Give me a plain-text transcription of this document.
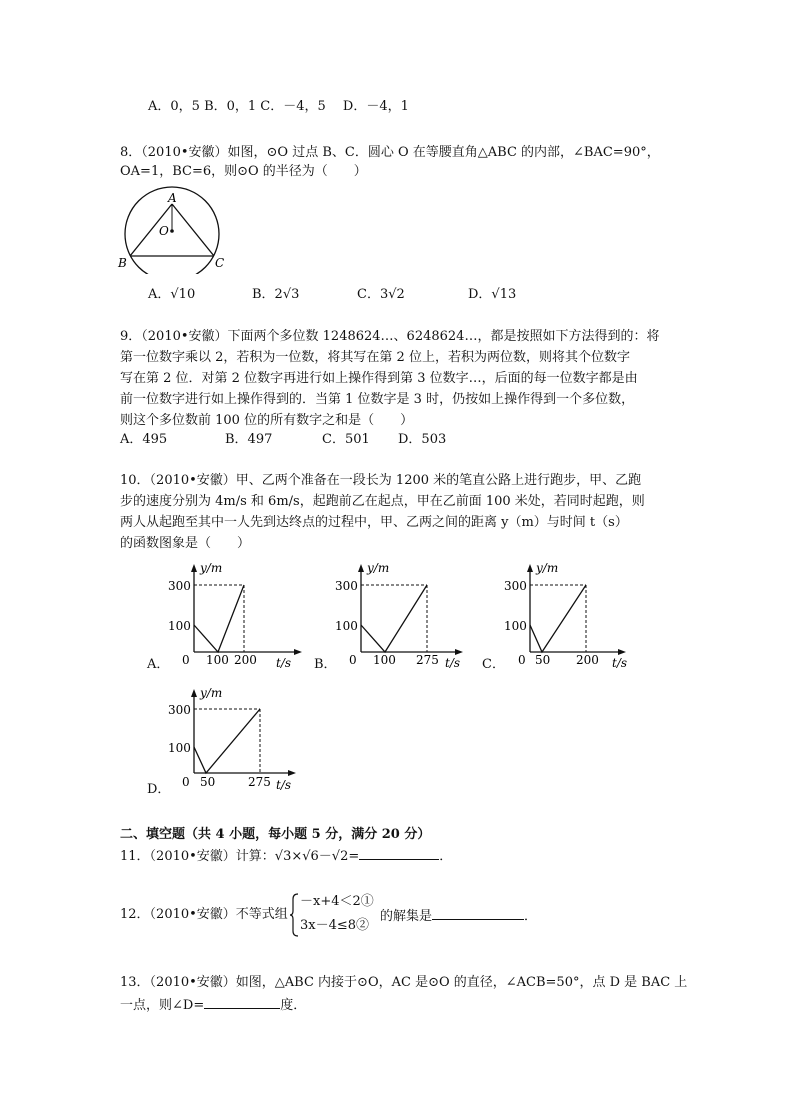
A．0，5 B．0，1 C．－4，5　 D．－4，1
8．（2010•安徽）如图，⊙O 过点 B、C．圆心 O 在等腰直角△ABC 的内部，∠BAC=90°，
OA=1，BC=6，则⊙O 的半径为（　　）
A
O
B	C
A．√10	B．2√3	C．3√2	D．√13
9．（2010•安徽）下面两个多位数 1248624…、6248624…，都是按照如下方法得到的：将
第一位数字乘以 2，若积为一位数，将其写在第 2 位上，若积为两位数，则将其个位数字
写在第 2 位．对第 2 位数字再进行如上操作得到第 3 位数字…，后面的每一位数字都是由
前一位数字进行如上操作得到的．当第 1 位数字是 3 时，仍按如上操作得到一个多位数，
则这个多位数前 100 位的所有数字之和是（　　）
A．495	B．497	C．501 D．503
10．（2010•安徽）甲、乙两个准备在一段长为 1200 米的笔直公路上进行跑步，甲、乙跑
步的速度分别为 4m/s 和 6m/s，起跑前乙在起点，甲在乙前面 100 米处，若同时起跑，则
两人从起跑至其中一人先到达终点的过程中，甲、乙两之间的距离 y（m）与时间 t（s）
的函数图象是（　　）
A．
y/m
t/s
300
100
0 100 200	B．
y/m
t/s
300
100
0 100 275	C．
y/m
t/s
300
100
0 50 200
D．
y/m
t/s
300
100
0 50	275
二、填空题（共 4 小题，每小题 5 分，满分 20 分）
11．（2010•安徽）计算：√3×√6－√2=	．
12．（2010•安徽）不等式组
－x+4＜2①
3x－4≤8②
的解集是	．
13．（2010•安徽）如图，△ABC 内接于⊙O，AC 是⊙O 的直径，∠ACB=50°，点 D 是 BAC 上
一点，则∠D=	度．
